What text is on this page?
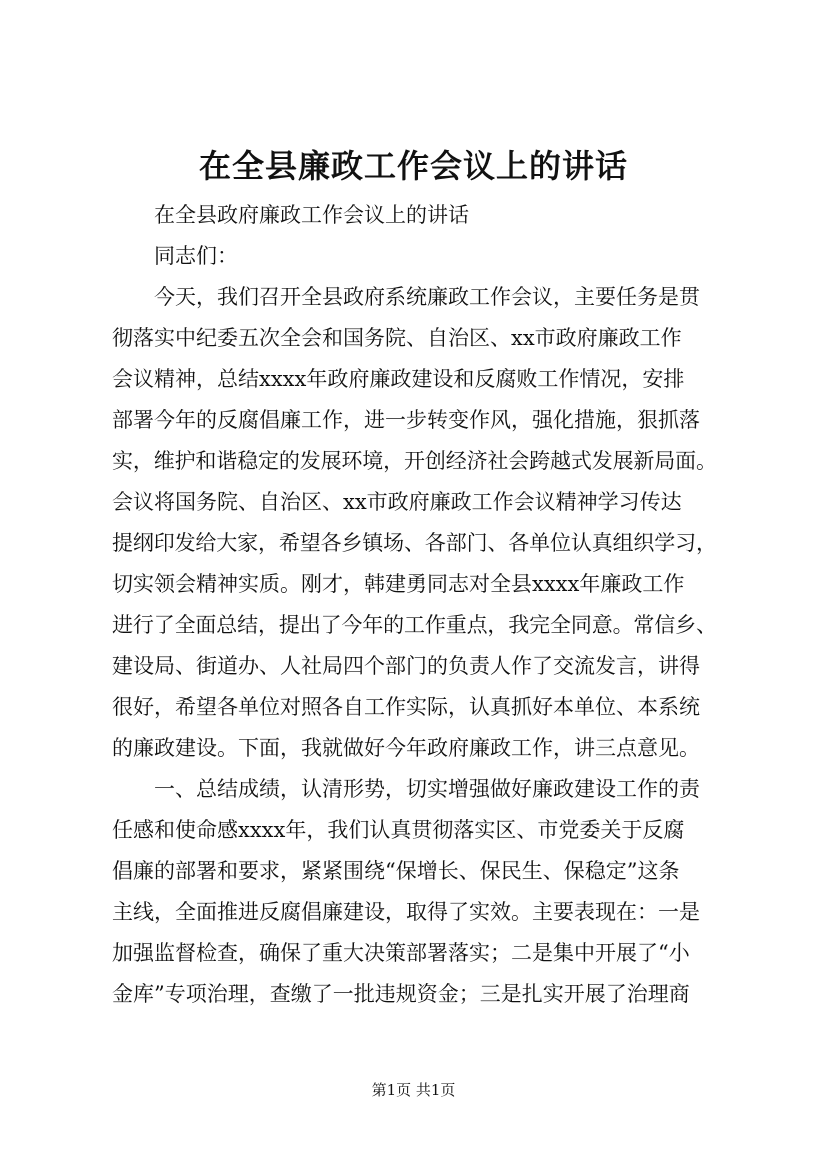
在全县廉政工作会议上的讲话

在全县政府廉政工作会议上的讲话

同志们：

今天，我们召开全县政府系统廉政工作会议，主要任务是贯

彻落实中纪委五次全会和国务院、自治区、xx市政府廉政工作

会议精神，总结xxxx年政府廉政建设和反腐败工作情况，安排

部署今年的反腐倡廉工作，进一步转变作风，强化措施，狠抓落

实，维护和谐稳定的发展环境，开创经济社会跨越式发展新局面。

会议将国务院、自治区、xx市政府廉政工作会议精神学习传达

提纲印发给大家，希望各乡镇场、各部门、各单位认真组织学习，

切实领会精神实质。刚才，韩建勇同志对全县xxxx年廉政工作

进行了全面总结，提出了今年的工作重点，我完全同意。常信乡、

建设局、街道办、人社局四个部门的负责人作了交流发言，讲得

很好，希望各单位对照各自工作实际，认真抓好本单位、本系统

的廉政建设。下面，我就做好今年政府廉政工作，讲三点意见。

一、总结成绩，认清形势，切实增强做好廉政建设工作的责

任感和使命感xxxx年，我们认真贯彻落实区、市党委关于反腐

倡廉的部署和要求，紧紧围绕“保增长、保民生、保稳定”这条

主线，全面推进反腐倡廉建设，取得了实效。主要表现在：一是

加强监督检查，确保了重大决策部署落实；二是集中开展了“小

金库”专项治理，查缴了一批违规资金；三是扎实开展了治理商

第1页 共1页
